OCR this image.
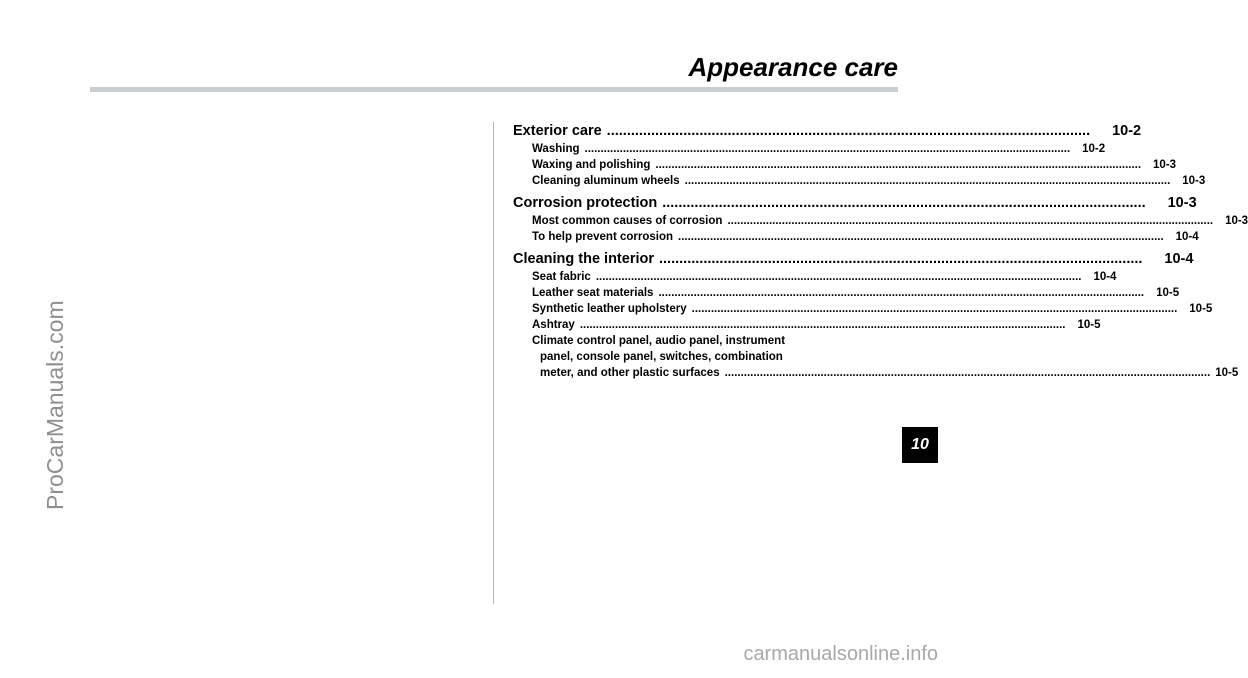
Appearance care
ProCarManuals.com
Exterior care ........................................................................................................................	10-2
Washing ........................................................................................................................................................	10-2
Waxing and polishing ........................................................................................................................................................	10-3
Cleaning aluminum wheels ........................................................................................................................................................	10-3
Corrosion protection ........................................................................................................................	10-3
Most common causes of corrosion ........................................................................................................................................................	10-3
To help prevent corrosion ........................................................................................................................................................	10-4
Cleaning the interior ........................................................................................................................	10-4
Seat fabric ........................................................................................................................................................	10-4
Leather seat materials ........................................................................................................................................................	10-5
Synthetic leather upholstery ........................................................................................................................................................	10-5
Ashtray ........................................................................................................................................................	10-5
Climate control panel, audio panel, instrument
panel, console panel, switches, combination
meter, and other plastic surfaces ........................................................................................................................................................ 10-5
10
carmanualsonline.info
